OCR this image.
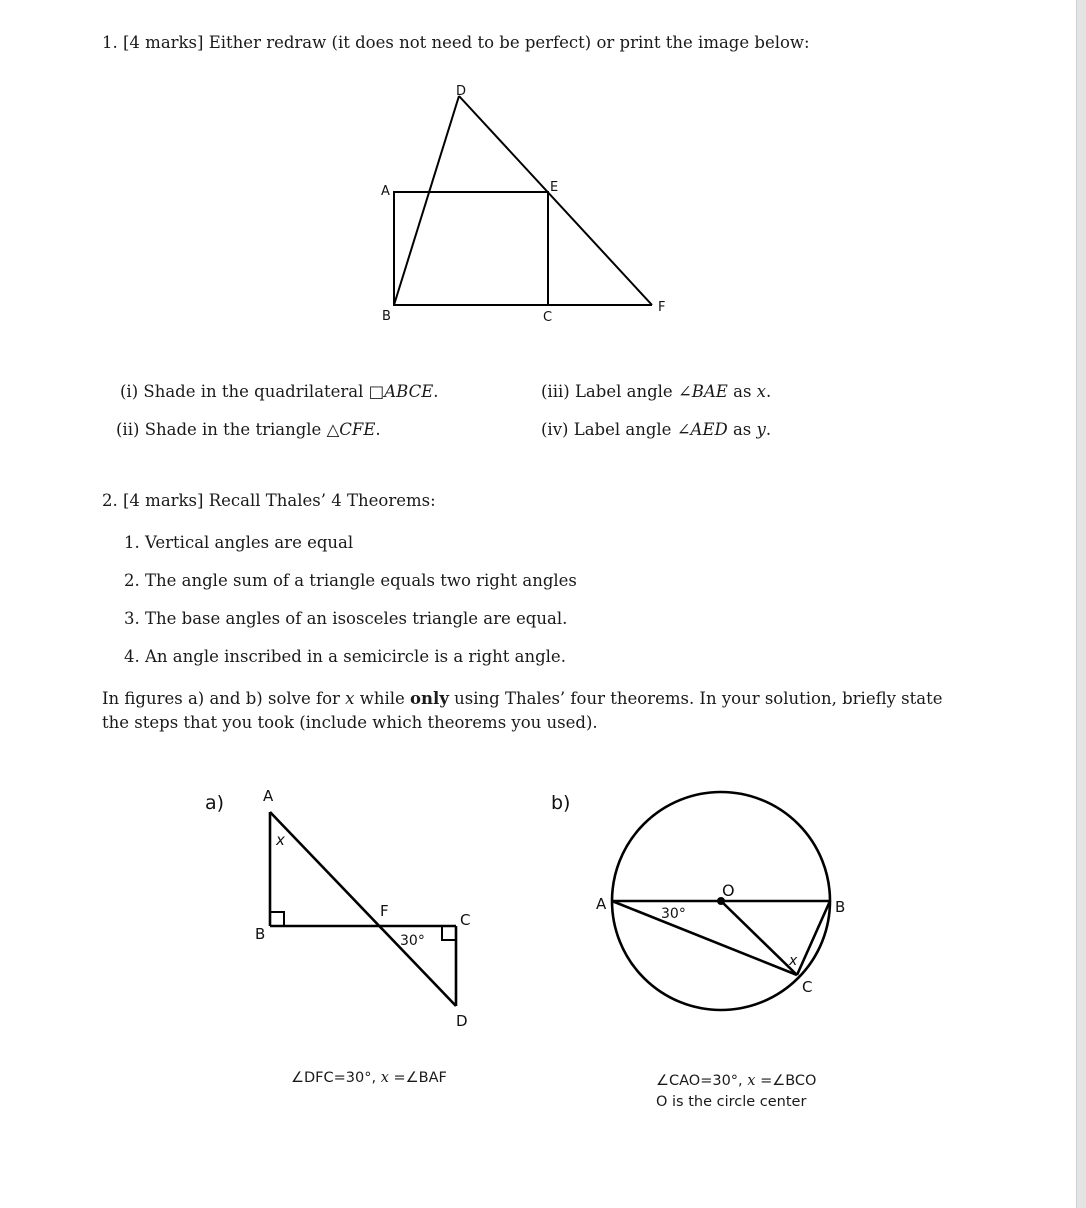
1. [4 marks] Either redraw (it does not need to be perfect) or print the image below:
D
A	E
B	C
F
(i) Shade in the quadrilateral □ABCE.
(ii) Shade in the triangle △CFE.
(iii) Label angle ∠BAE as x.
(iv) Label angle ∠AED as y.
2. [4 marks] Recall Thales’ 4 Theorems:
1. Vertical angles are equal
2. The angle sum of a triangle equals two right angles
3. The base angles of an isosceles triangle are equal.
4. An angle inscribed in a semicircle is a right angle.
In figures a) and b) solve for x while only using Thales’ four theorems. In your solution, briefly state the steps that you took (include which theorems you used).
a)	A
x
B
F	C
30°
D
∠DFC=30°, x =∠BAF
b)
A
30°
O
B
x
C
∠CAO=30°, x =∠BCO
O is the circle center
